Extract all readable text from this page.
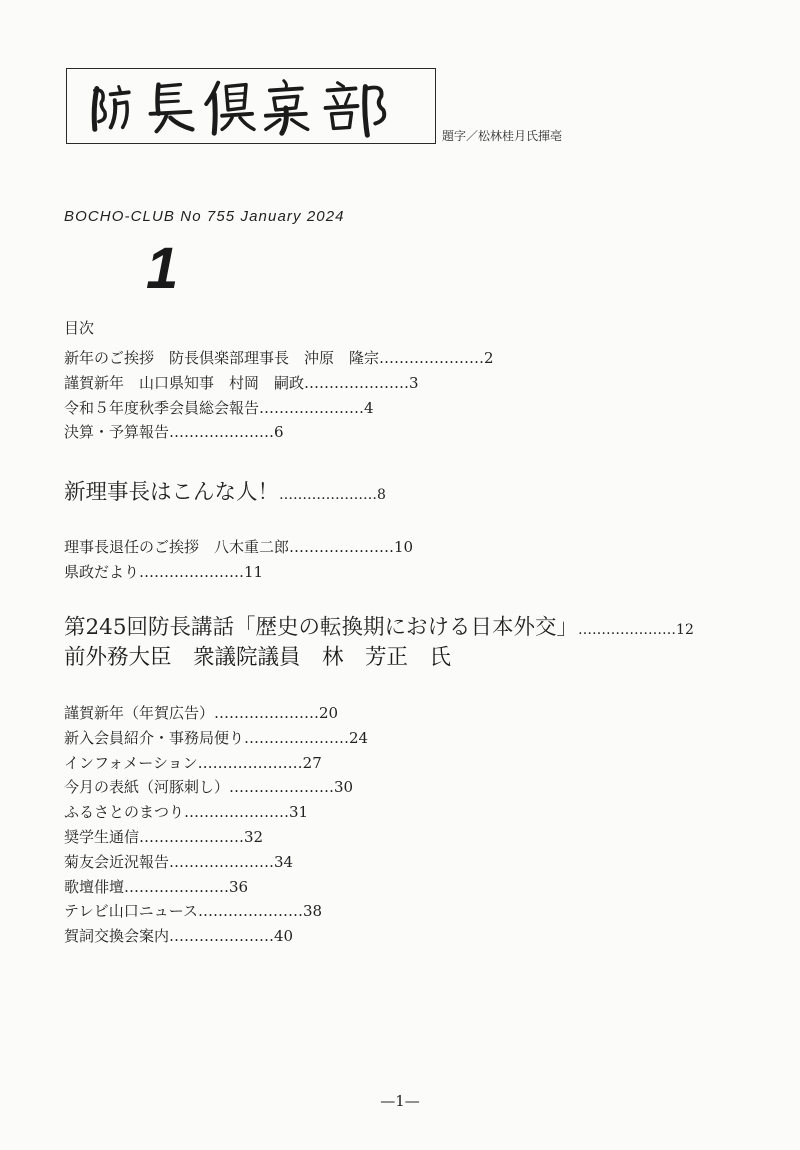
題字／松林桂月氏揮亳
BOCHO-CLUB No 755 January 2024
1
目次
新年のご挨拶　防長倶楽部理事長　沖原　隆宗…………………2
謹賀新年　山口県知事　村岡　嗣政…………………3
令和５年度秋季会員総会報告…………………4
決算・予算報告…………………6
新理事長はこんな人！…………………8
理事長退任のご挨拶　八木重二郎…………………10
県政だより…………………11
第245回防長講話「歴史の転換期における日本外交」…………………12
前外務大臣　衆議院議員　林　芳正　氏
謹賀新年（年賀広告）…………………20
新入会員紹介・事務局便り…………………24
インフォメーション…………………27
今月の表紙（河豚刺し）…………………30
ふるさとのまつり…………………31
奨学生通信…………………32
菊友会近況報告…………………34
歌壇俳壇…………………36
テレビ山口ニュース…………………38
賀詞交換会案内…………………40
—1—
